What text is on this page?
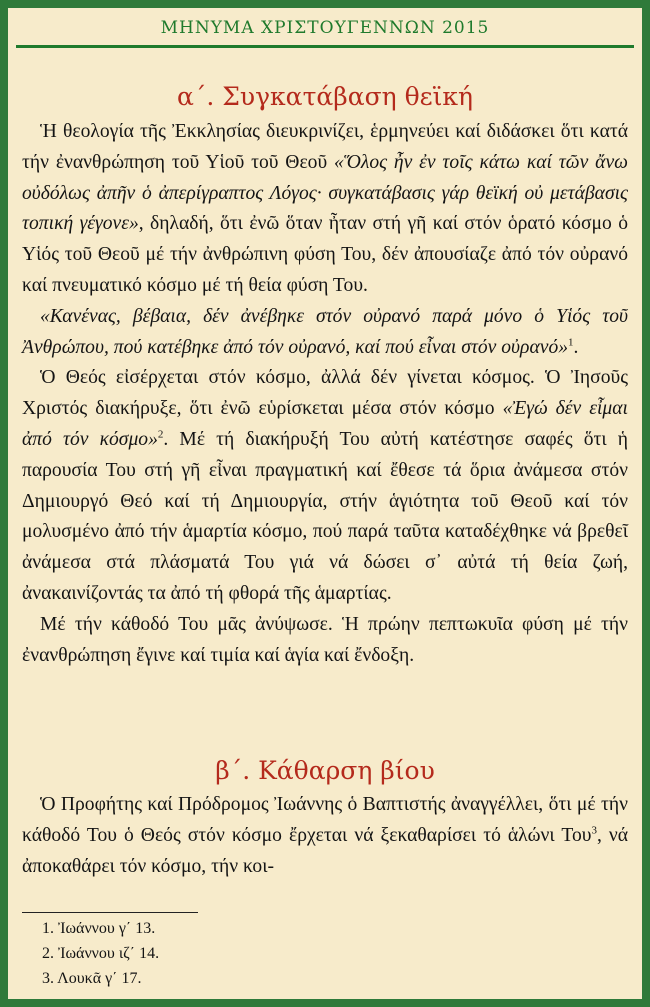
ΜΗΝΥΜΑ ΧΡΙΣΤΟΥΓΕΝΝΩΝ 2015
α΄. Συγκατάβαση θεϊκή

Ἡ θεολογία τῆς Ἐκκλησίας διευκρινίζει, ἑρμηνεύει καί διδάσκει ὅτι κατά τήν ἐνανθρώπηση τοῦ Υἱοῦ τοῦ Θεοῦ «Ὅλος ἦν ἐν τοῖς κάτω καί τῶν ἄνω οὐδόλως ἀπῆν ὁ ἀπερίγραπτος Λόγος· συγκατάβασις γάρ θεϊκή οὐ μετάβασις τοπική γέγονε», δηλαδή, ὅτι ἐνῶ ὅταν ἦταν στή γῆ καί στόν ὁρατό κόσμο ὁ Υἱός τοῦ Θεοῦ μέ τήν ἀνθρώπινη φύση Του, δέν ἀπουσίαζε ἀπό τόν οὐρανό καί πνευματικό κόσμο μέ τή θεία φύση Του.

«Κανένας, βέβαια, δέν ἀνέβηκε στόν οὐρανό παρά μόνο ὁ Υἱός τοῦ Ἀνθρώπου, πού κατέβηκε ἀπό τόν οὐρανό, καί πού εἶναι στόν οὐρανό»$^1$.

Ὁ Θεός εἰσέρχεται στόν κόσμο, ἀλλά δέν γίνεται κόσμος. Ὁ Ἰησοῦς Χριστός διακήρυξε, ὅτι ἐνῶ εὑρίσκεται μέσα στόν κόσμο «Ἐγώ δέν εἶμαι ἀπό τόν κόσμο»$^2$. Μέ τή διακήρυξή Του αὐτή κατέστησε σαφές ὅτι ἡ παρουσία Του στή γῆ εἶναι πραγματική καί ἔθεσε τά ὅρια ἀνάμεσα στόν Δημιουργό Θεό καί τή Δημιουργία, στήν ἁγιότητα τοῦ Θεοῦ καί τόν μολυσμένο ἀπό τήν ἁμαρτία κόσμο, πού παρά ταῦτα καταδέχθηκε νά βρεθεῖ ἀνάμεσα στά πλάσματά Του γιά νά δώσει σ᾽ αὐτά τή θεία ζωή, ἀνακαινίζοντάς τα ἀπό τή φθορά τῆς ἁμαρτίας.

Μέ τήν κάθοδό Του μᾶς ἀνύψωσε. Ἡ πρώην πεπτωκυῖα φύση μέ τήν ἐνανθρώπηση ἔγινε καί τιμία καί ἁγία καί ἔνδοξη.

β΄. Κάθαρση βίου

Ὁ Προφήτης καί Πρόδρομος Ἰωάννης ὁ Βαπτιστής ἀναγγέλλει, ὅτι μέ τήν κάθοδό Του ὁ Θεός στόν κόσμο ἔρχεται νά ξεκαθαρίσει τό ἁλώνι Του$^3$, νά ἀποκαθάρει τόν κόσμο, τήν κοι-

1. Ἰωάννου γ΄ 13.
2. Ἰωάννου ιζ΄ 14.
3. Λουκᾶ γ΄ 17.
